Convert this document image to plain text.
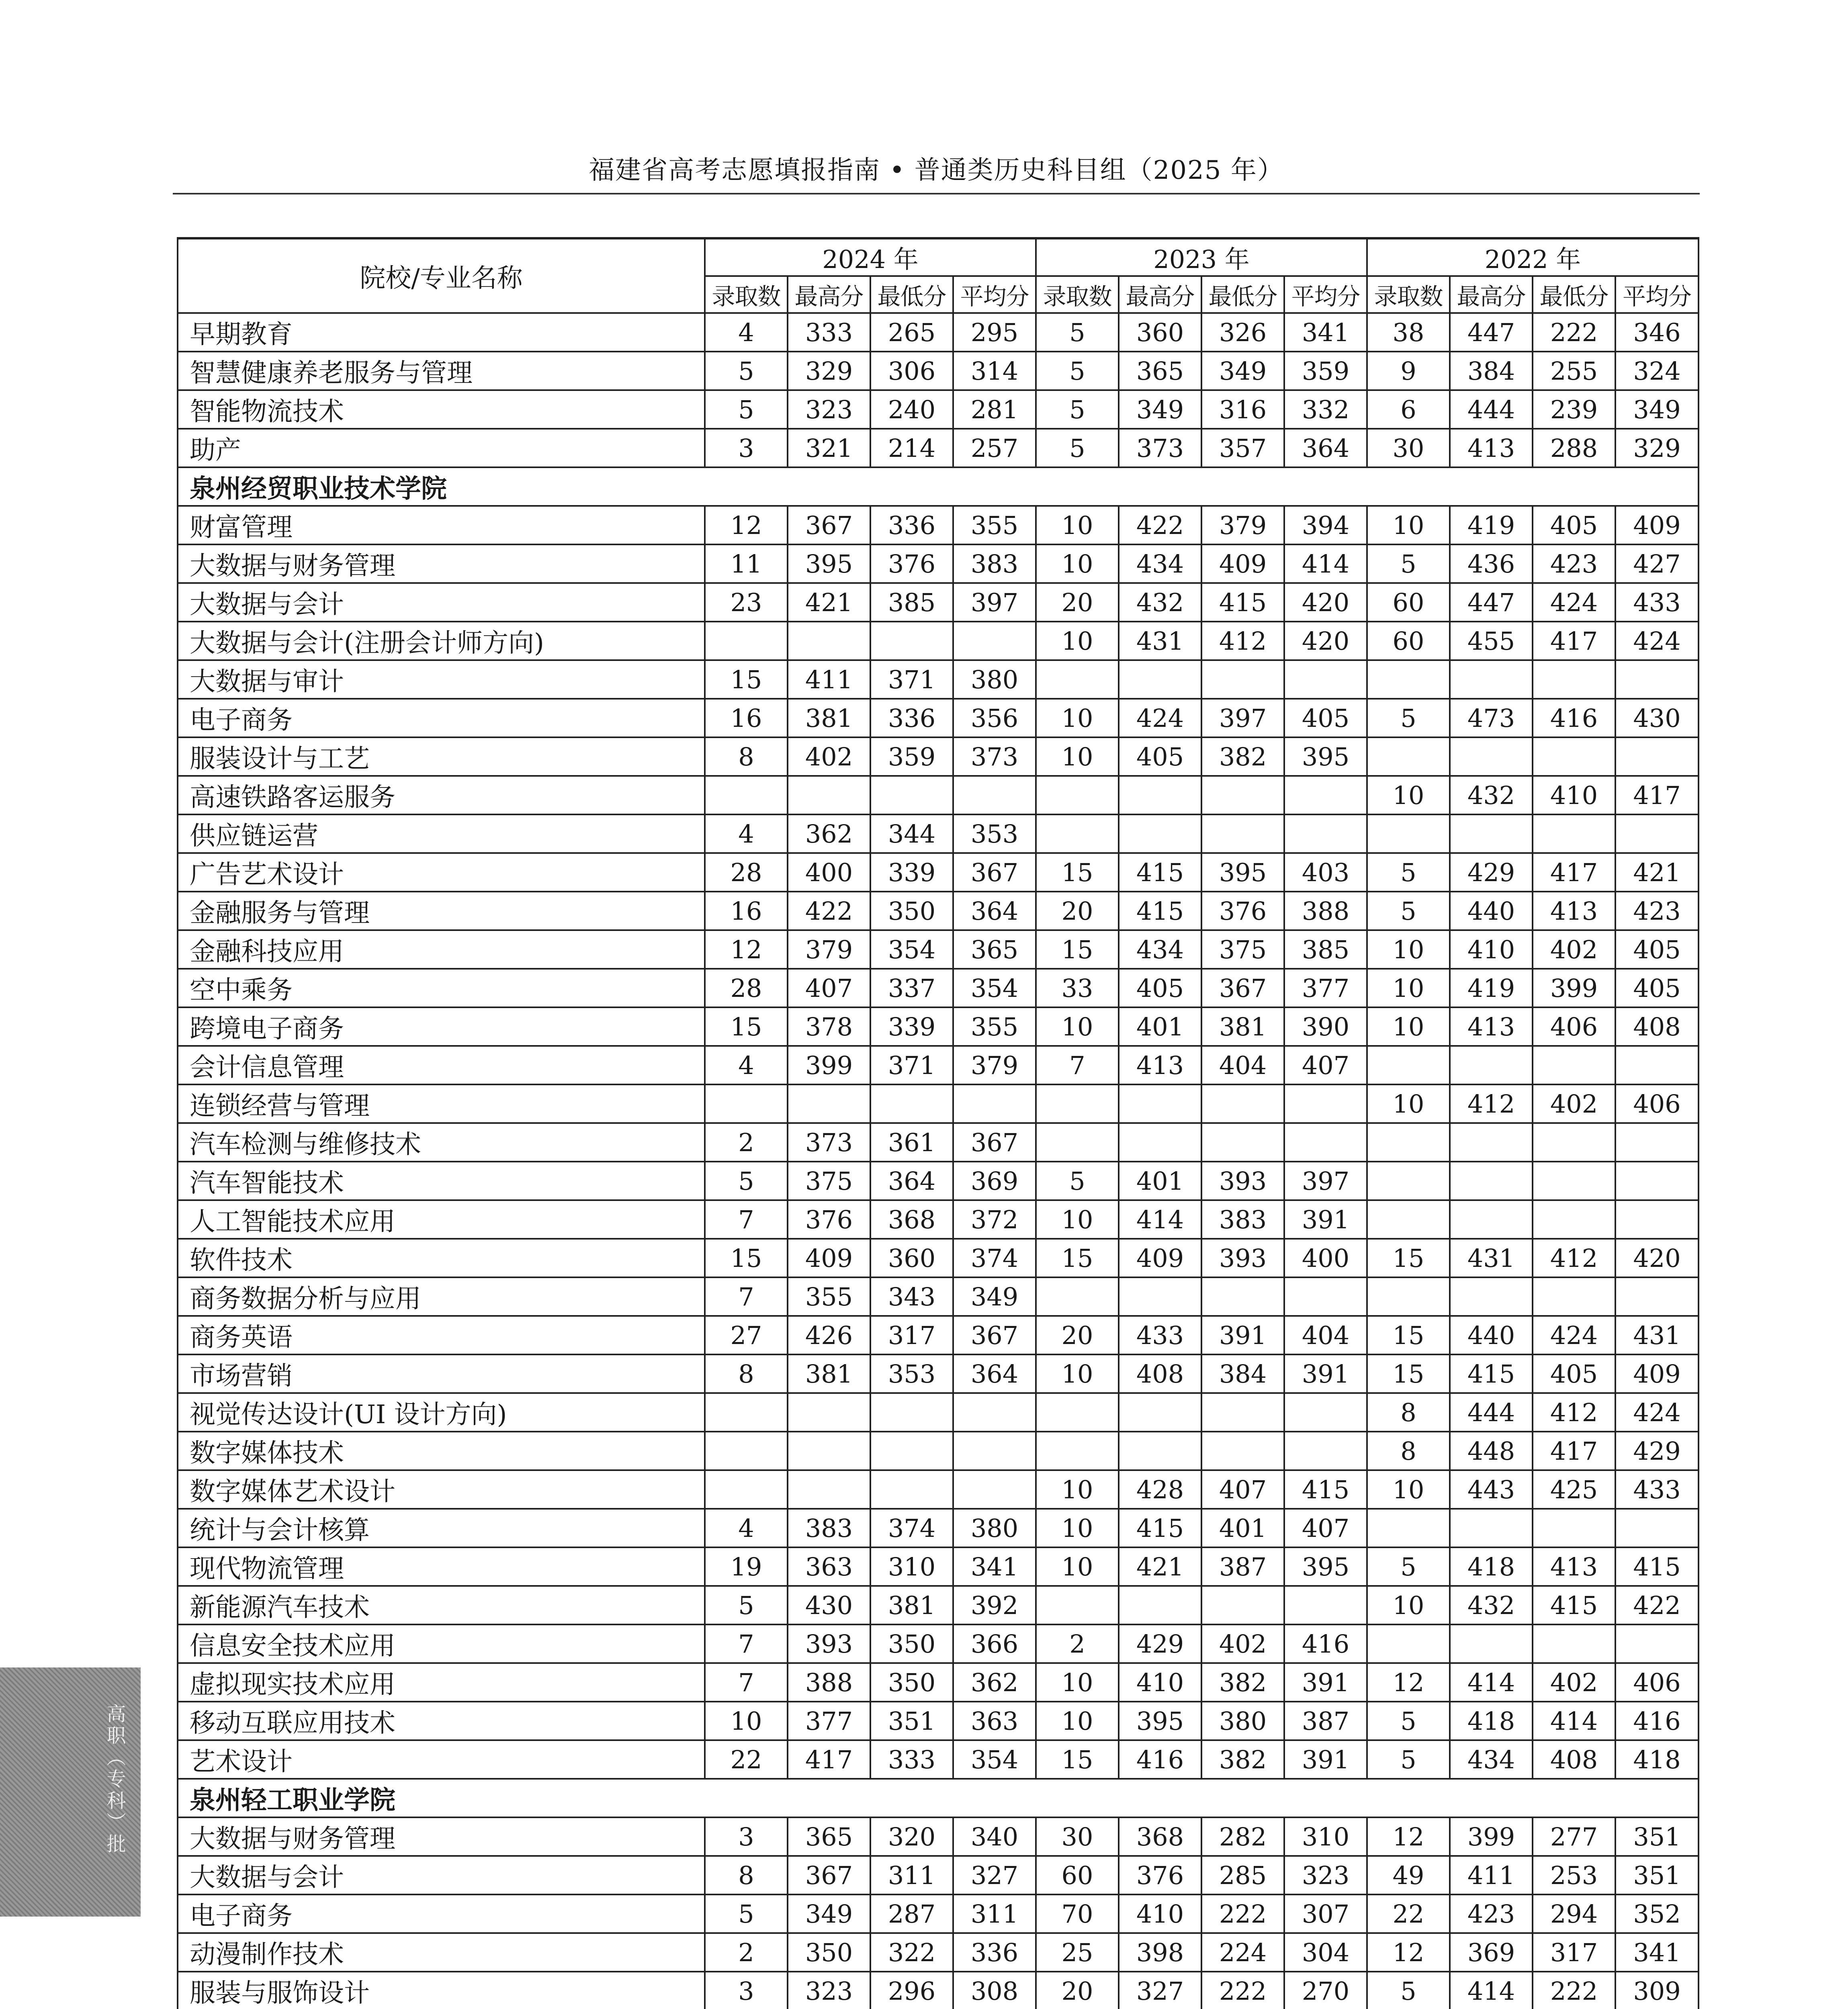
福建省高考志愿填报指南 • 普通类历史科目组（2025 年）
院校/专业名称	2024 年				2023 年				2022 年			
	录取数	最高分	最低分	平均分	录取数	最高分	最低分	平均分	录取数	最高分	最低分	平均分
早期教育	4	333	265	295	5	360	326	341	38	447	222	346
智慧健康养老服务与管理	5	329	306	314	5	365	349	359	9	384	255	324
智能物流技术	5	323	240	281	5	349	316	332	6	444	239	349
助产	3	321	214	257	5	373	357	364	30	413	288	329
泉州经贸职业技术学院												
财富管理	12	367	336	355	10	422	379	394	10	419	405	409
大数据与财务管理	11	395	376	383	10	434	409	414	5	436	423	427
大数据与会计	23	421	385	397	20	432	415	420	60	447	424	433
大数据与会计(注册会计师方向)					10	431	412	420	60	455	417	424
大数据与审计	15	411	371	380								
电子商务	16	381	336	356	10	424	397	405	5	473	416	430
服装设计与工艺	8	402	359	373	10	405	382	395				
高速铁路客运服务									10	432	410	417
供应链运营	4	362	344	353								
广告艺术设计	28	400	339	367	15	415	395	403	5	429	417	421
金融服务与管理	16	422	350	364	20	415	376	388	5	440	413	423
金融科技应用	12	379	354	365	15	434	375	385	10	410	402	405
空中乘务	28	407	337	354	33	405	367	377	10	419	399	405
跨境电子商务	15	378	339	355	10	401	381	390	10	413	406	408
会计信息管理	4	399	371	379	7	413	404	407				
连锁经营与管理									10	412	402	406
汽车检测与维修技术	2	373	361	367								
汽车智能技术	5	375	364	369	5	401	393	397				
人工智能技术应用	7	376	368	372	10	414	383	391				
软件技术	15	409	360	374	15	409	393	400	15	431	412	420
商务数据分析与应用	7	355	343	349								
商务英语	27	426	317	367	20	433	391	404	15	440	424	431
市场营销	8	381	353	364	10	408	384	391	15	415	405	409
视觉传达设计(UI 设计方向)									8	444	412	424
数字媒体技术									8	448	417	429
数字媒体艺术设计					10	428	407	415	10	443	425	433
统计与会计核算	4	383	374	380	10	415	401	407				
现代物流管理	19	363	310	341	10	421	387	395	5	418	413	415
新能源汽车技术	5	430	381	392					10	432	415	422
信息安全技术应用	7	393	350	366	2	429	402	416				
虚拟现实技术应用	7	388	350	362	10	410	382	391	12	414	402	406
移动互联应用技术	10	377	351	363	10	395	380	387	5	418	414	416
艺术设计	22	417	333	354	15	416	382	391	5	434	408	418
泉州轻工职业学院												
大数据与财务管理	3	365	320	340	30	368	282	310	12	399	277	351
大数据与会计	8	367	311	327	60	376	285	323	49	411	253	351
电子商务	5	349	287	311	70	410	222	307	22	423	294	352
动漫制作技术	2	350	322	336	25	398	224	304	12	369	317	341
服装与服饰设计	3	323	296	308	20	327	222	270	5	414	222	309

高职（专科）批
